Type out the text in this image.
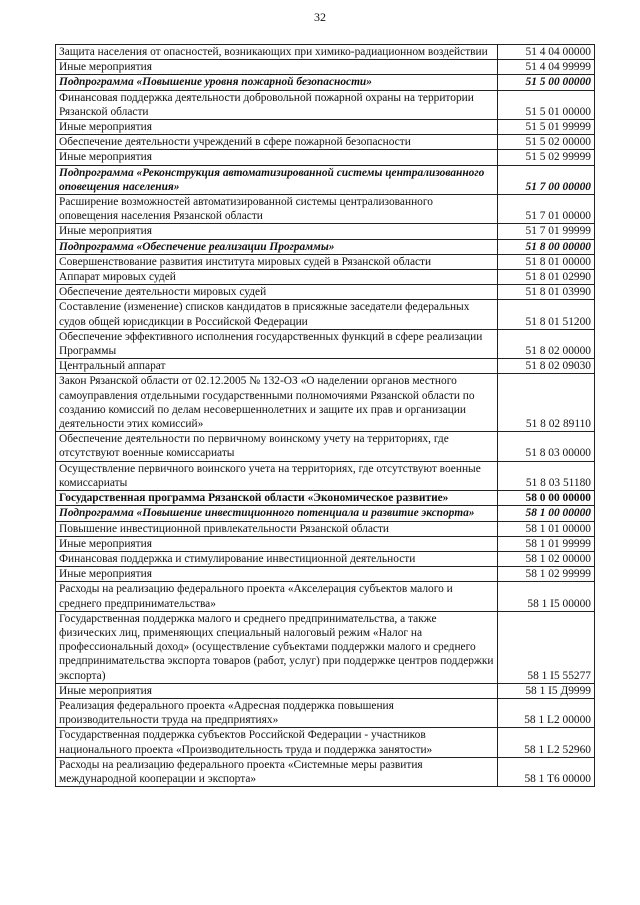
32
Защита населения от опасностей, возникающих при химико-радиационном воздействии	51 4 04 00000
Иные мероприятия	51 4 04 99999
Подпрограмма «Повышение уровня пожарной безопасности»	51 5 00 00000
Финансовая поддержка деятельности добровольной пожарной охраны на территории Рязанской области	51 5 01 00000
Иные мероприятия	51 5 01 99999
Обеспечение деятельности учреждений в сфере пожарной безопасности	51 5 02 00000
Иные мероприятия	51 5 02 99999
Подпрограмма «Реконструкция автоматизированной системы централизованного оповещения населения»	51 7 00 00000
Расширение возможностей автоматизированной системы централизованного оповещения населения Рязанской области	51 7 01 00000
Иные мероприятия	51 7 01 99999
Подпрограмма «Обеспечение реализации Программы»	51 8 00 00000
Совершенствование развития института мировых судей в Рязанской области	51 8 01 00000
Аппарат мировых судей	51 8 01 02990
Обеспечение деятельности мировых судей	51 8 01 03990
Составление (изменение) списков кандидатов в присяжные заседатели федеральных судов общей юрисдикции в Российской Федерации	51 8 01 51200
Обеспечение эффективного исполнения государственных функций в сфере реализации Программы	51 8 02 00000
Центральный аппарат	51 8 02 09030
Закон Рязанской области от 02.12.2005 № 132-ОЗ «О наделении органов местного самоуправления отдельными государственными полномочиями Рязанской области по созданию комиссий по делам несовершеннолетних и защите их прав и организации деятельности этих комиссий»	51 8 02 89110
Обеспечение деятельности по первичному воинскому учету на территориях, где отсутствуют военные комиссариаты	51 8 03 00000
Осуществление первичного воинского учета на территориях, где отсутствуют военные комиссариаты	51 8 03 51180
Государственная программа Рязанской области «Экономическое развитие»	58 0 00 00000
Подпрограмма «Повышение инвестиционного потенциала и развитие экспорта»	58 1 00 00000
Повышение инвестиционной привлекательности Рязанской области	58 1 01 00000
Иные мероприятия	58 1 01 99999
Финансовая поддержка и стимулирование инвестиционной деятельности	58 1 02 00000
Иные мероприятия	58 1 02 99999
Расходы на реализацию федерального проекта «Акселерация субъектов малого и среднего предпринимательства»	58 1 I5 00000
Государственная поддержка малого и среднего предпринимательства, а также физических лиц, применяющих специальный налоговый режим «Налог на профессиональный доход» (осуществление субъектами поддержки малого и среднего предпринимательства экспорта товаров (работ, услуг) при поддержке центров поддержки экспорта)	58 1 I5 55277
Иные мероприятия	58 1 I5 Д9999
Реализация федерального проекта «Адресная поддержка повышения производительности труда на предприятиях»	58 1 L2 00000
Государственная поддержка субъектов Российской Федерации - участников национального проекта «Производительность труда и поддержка занятости»	58 1 L2 52960
Расходы на реализацию федерального проекта «Системные меры развития международной кооперации и экспорта»	58 1 T6 00000
